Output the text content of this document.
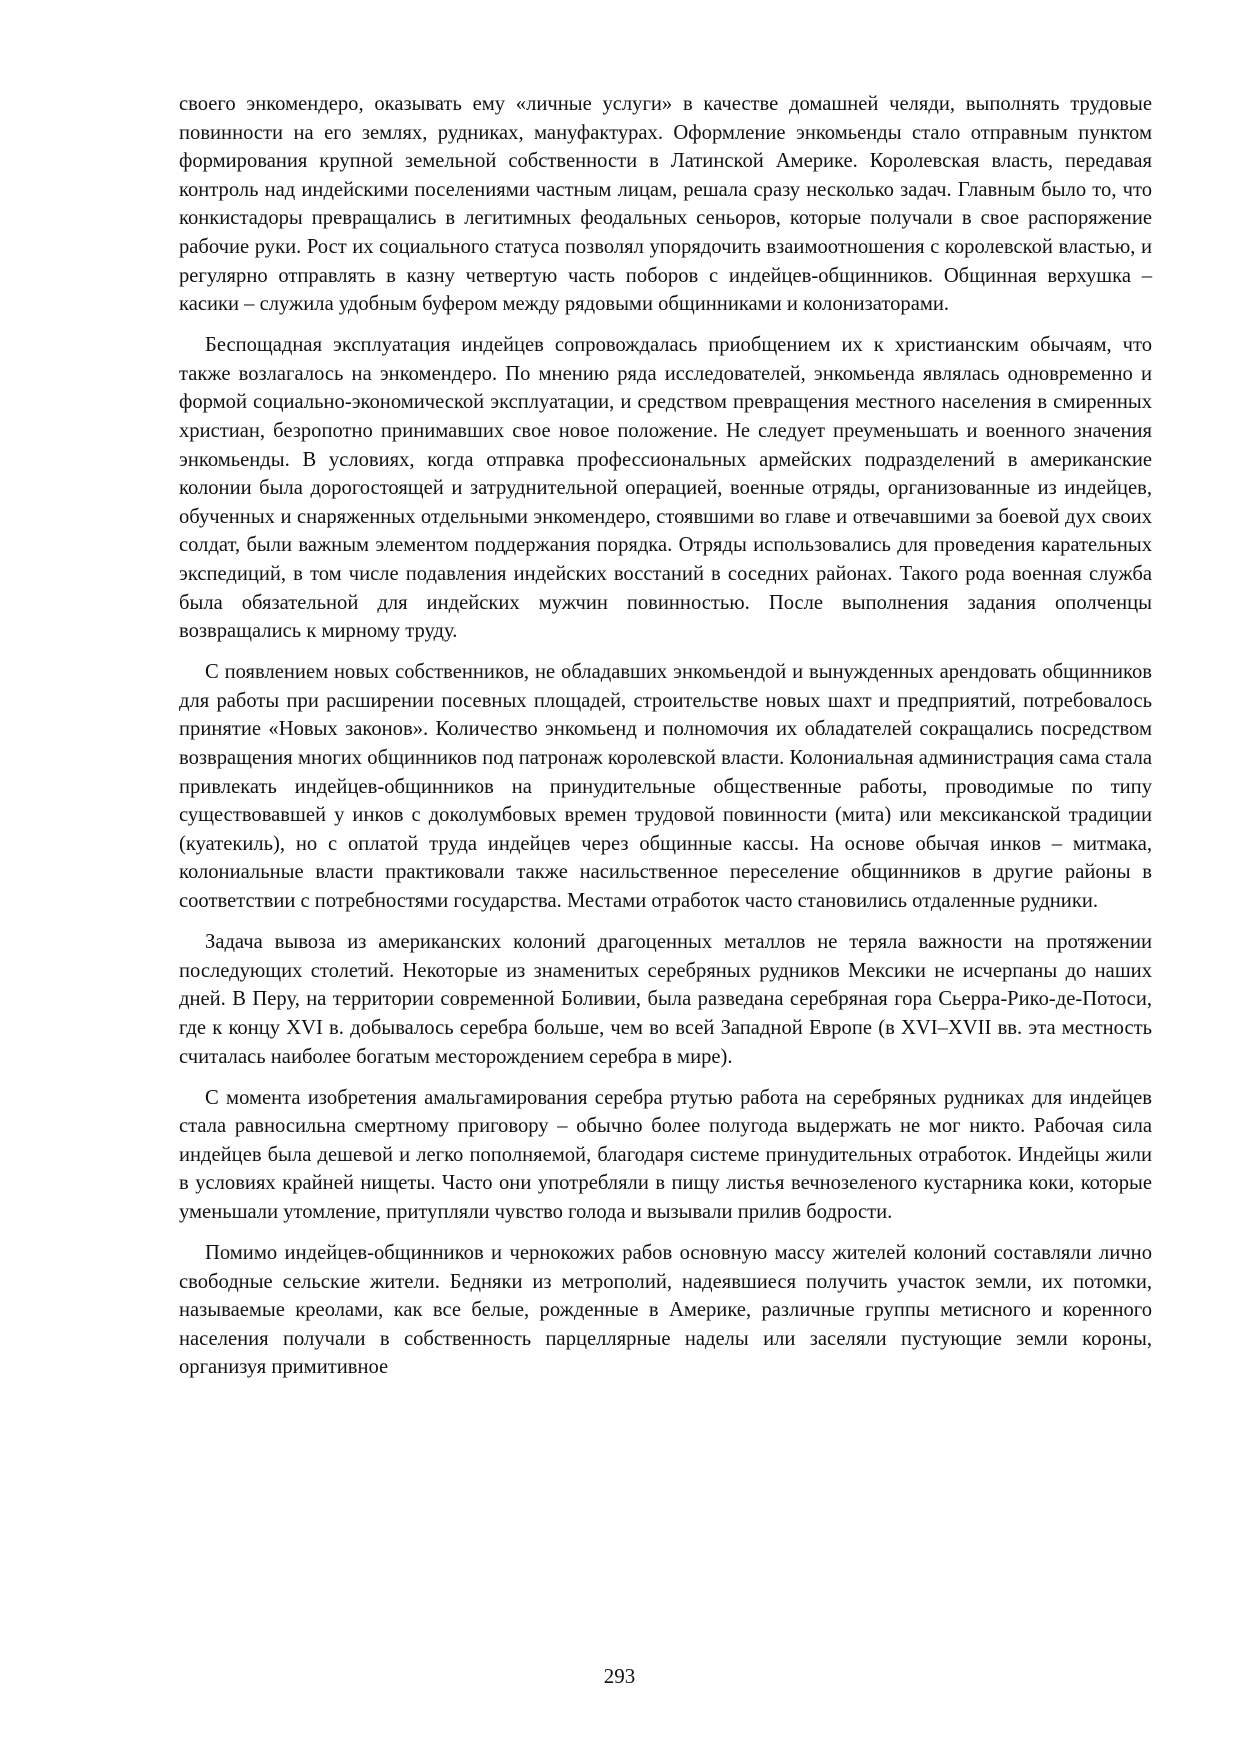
своего энкомендеро, оказывать ему «личные услуги» в качестве домашней челяди, выполнять трудовые повинности на его землях, рудниках, мануфактурах. Оформление энкомьенды стало отправным пунктом формирования крупной земельной собственности в Латинской Америке. Королевская власть, передавая контроль над индейскими поселениями частным лицам, решала сразу несколько задач. Главным было то, что конкистадоры превращались в легитимных феодальных сеньоров, которые получали в свое распоряжение рабочие руки. Рост их социального статуса позволял упорядочить взаимоотношения с королевской властью, и регулярно отправлять в казну четвертую часть поборов с индейцев-общинников. Общинная верхушка – касики – служила удобным буфером между рядовыми общинниками и колонизаторами.

Беспощадная эксплуатация индейцев сопровождалась приобщением их к христианским обычаям, что также возлагалось на энкомендеро. По мнению ряда исследователей, энкомьенда являлась одновременно и формой социально-экономической эксплуатации, и средством превращения местного населения в смиренных христиан, безропотно принимавших свое новое положение. Не следует преуменьшать и военного значения энкомьенды. В условиях, когда отправка профессиональных армейских подразделений в американские колонии была дорогостоящей и затруднительной операцией, военные отряды, организованные из индейцев, обученных и снаряженных отдельными энкомендеро, стоявшими во главе и отвечавшими за боевой дух своих солдат, были важным элементом поддержания порядка. Отряды использовались для проведения карательных экспедиций, в том числе подавления индейских восстаний в соседних районах. Такого рода военная служба была обязательной для индейских мужчин повинностью. После выполнения задания ополченцы возвращались к мирному труду.

С появлением новых собственников, не обладавших энкомьендой и вынужденных арендовать общинников для работы при расширении посевных площадей, строительстве новых шахт и предприятий, потребовалось принятие «Новых законов». Количество энкомьенд и полномочия их обладателей сокращались посредством возвращения многих общинников под патронаж королевской власти. Колониальная администрация сама стала привлекать индейцев-общинников на принудительные общественные работы, проводимые по типу существовавшей у инков с доколумбовых времен трудовой повинности (мита) или мексиканской традиции (куатекиль), но с оплатой труда индейцев через общинные кассы. На основе обычая инков – митмака, колониальные власти практиковали также насильственное переселение общинников в другие районы в соответствии с потребностями государства. Местами отработок часто становились отдаленные рудники.

Задача вывоза из американских колоний драгоценных металлов не теряла важности на протяжении последующих столетий. Некоторые из знаменитых серебряных рудников Мексики не исчерпаны до наших дней. В Перу, на территории современной Боливии, была разведана серебряная гора Сьерра-Рико-де-Потоси, где к концу XVI в. добывалось серебра больше, чем во всей Западной Европе (в XVI–XVII вв. эта местность считалась наиболее богатым месторождением серебра в мире).

С момента изобретения амальгамирования серебра ртутью работа на серебряных рудниках для индейцев стала равносильна смертному приговору – обычно более полугода выдержать не мог никто. Рабочая сила индейцев была дешевой и легко пополняемой, благодаря системе принудительных отработок. Индейцы жили в условиях крайней нищеты. Часто они употребляли в пищу листья вечнозеленого кустарника коки, которые уменьшали утомление, притупляли чувство голода и вызывали прилив бодрости.

Помимо индейцев-общинников и чернокожих рабов основную массу жителей колоний составляли лично свободные сельские жители. Бедняки из метрополий, надеявшиеся получить участок земли, их потомки, называемые креолами, как все белые, рожденные в Америке, различные группы метисного и коренного населения получали в собственность парцеллярные наделы или заселяли пустующие земли короны, организуя примитивное

293
